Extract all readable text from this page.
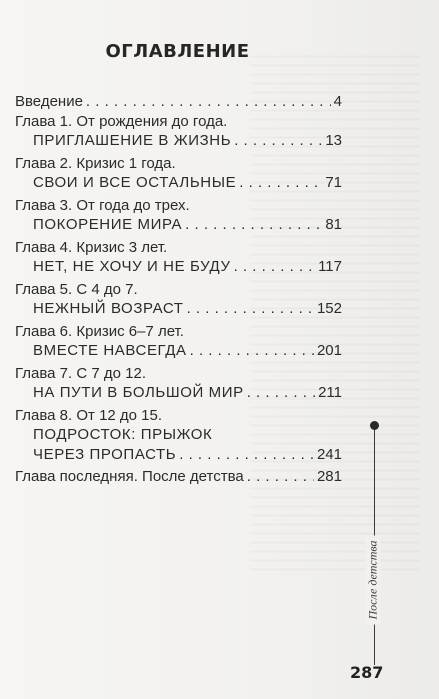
ОГЛАВЛЕНИЕ
Введение . . .	4
Глава 1. От рождения до года.
ПРИГЛАШЕНИЕ В ЖИЗНЬ . . .	13
Глава 2. Кризис 1 года.
СВОИ И ВСЕ ОСТАЛЬНЫЕ . . .	71
Глава 3. От года до трех.
ПОКОРЕНИЕ МИРА . . .	81
Глава 4. Кризис 3 лет.
НЕТ, НЕ ХОЧУ И НЕ БУДУ . . .	117
Глава 5. С 4 до 7.
НЕЖНЫЙ ВОЗРАСТ . . .	152
Глава 6. Кризис 6–7 лет.
ВМЕСТЕ НАВСЕГДА . . .	201
Глава 7. С 7 до 12.
НА ПУТИ В БОЛЬШОЙ МИР . . .	211
Глава 8. От 12 до 15.
ПОДРОСТОК: ПРЫЖОК
ЧЕРЕЗ ПРОПАСТЬ . . .	241
Глава последняя. После детства . . .	281
После детства
287
